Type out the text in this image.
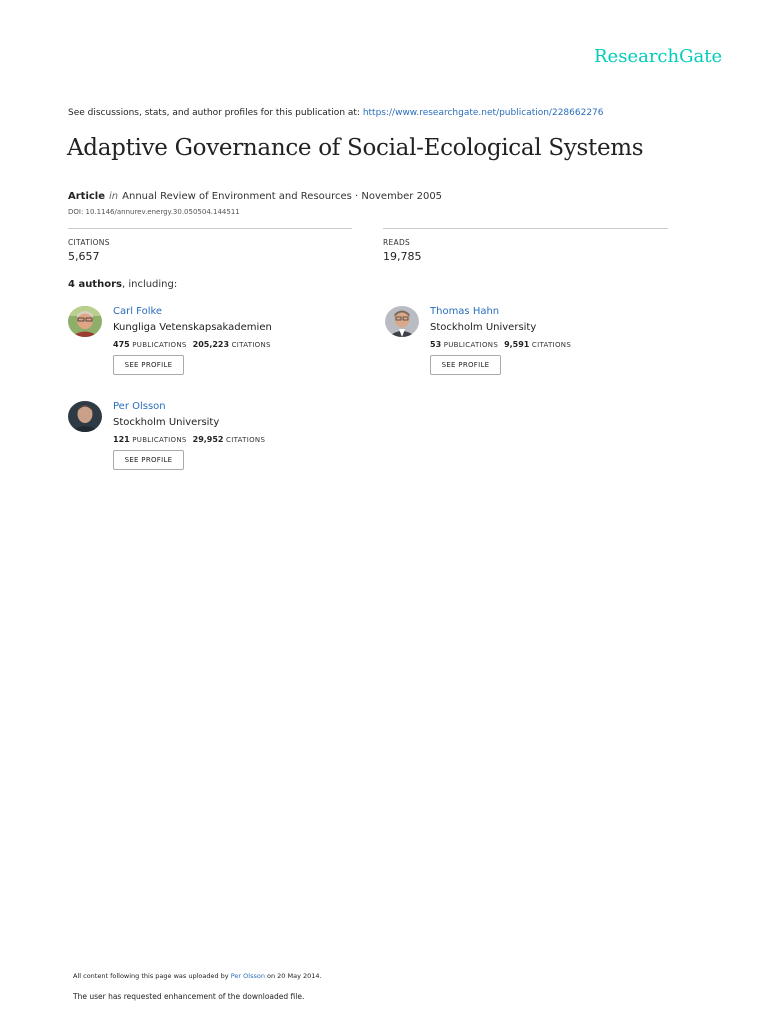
ResearchGate
See discussions, stats, and author profiles for this publication at: https://www.researchgate.net/publication/228662276
Adaptive Governance of Social-Ecological Systems
Article in Annual Review of Environment and Resources · November 2005
DOI: 10.1146/annurev.energy.30.050504.144511
CITATIONS
5,657
READS
19,785
4 authors, including:
Carl Folke
Kungliga Vetenskapsakademien
475 PUBLICATIONS 205,223 CITATIONS
SEE PROFILE
Thomas Hahn
Stockholm University
53 PUBLICATIONS 9,591 CITATIONS
SEE PROFILE
Per Olsson
Stockholm University
121 PUBLICATIONS 29,952 CITATIONS
SEE PROFILE
All content following this page was uploaded by Per Olsson on 20 May 2014.
The user has requested enhancement of the downloaded file.
